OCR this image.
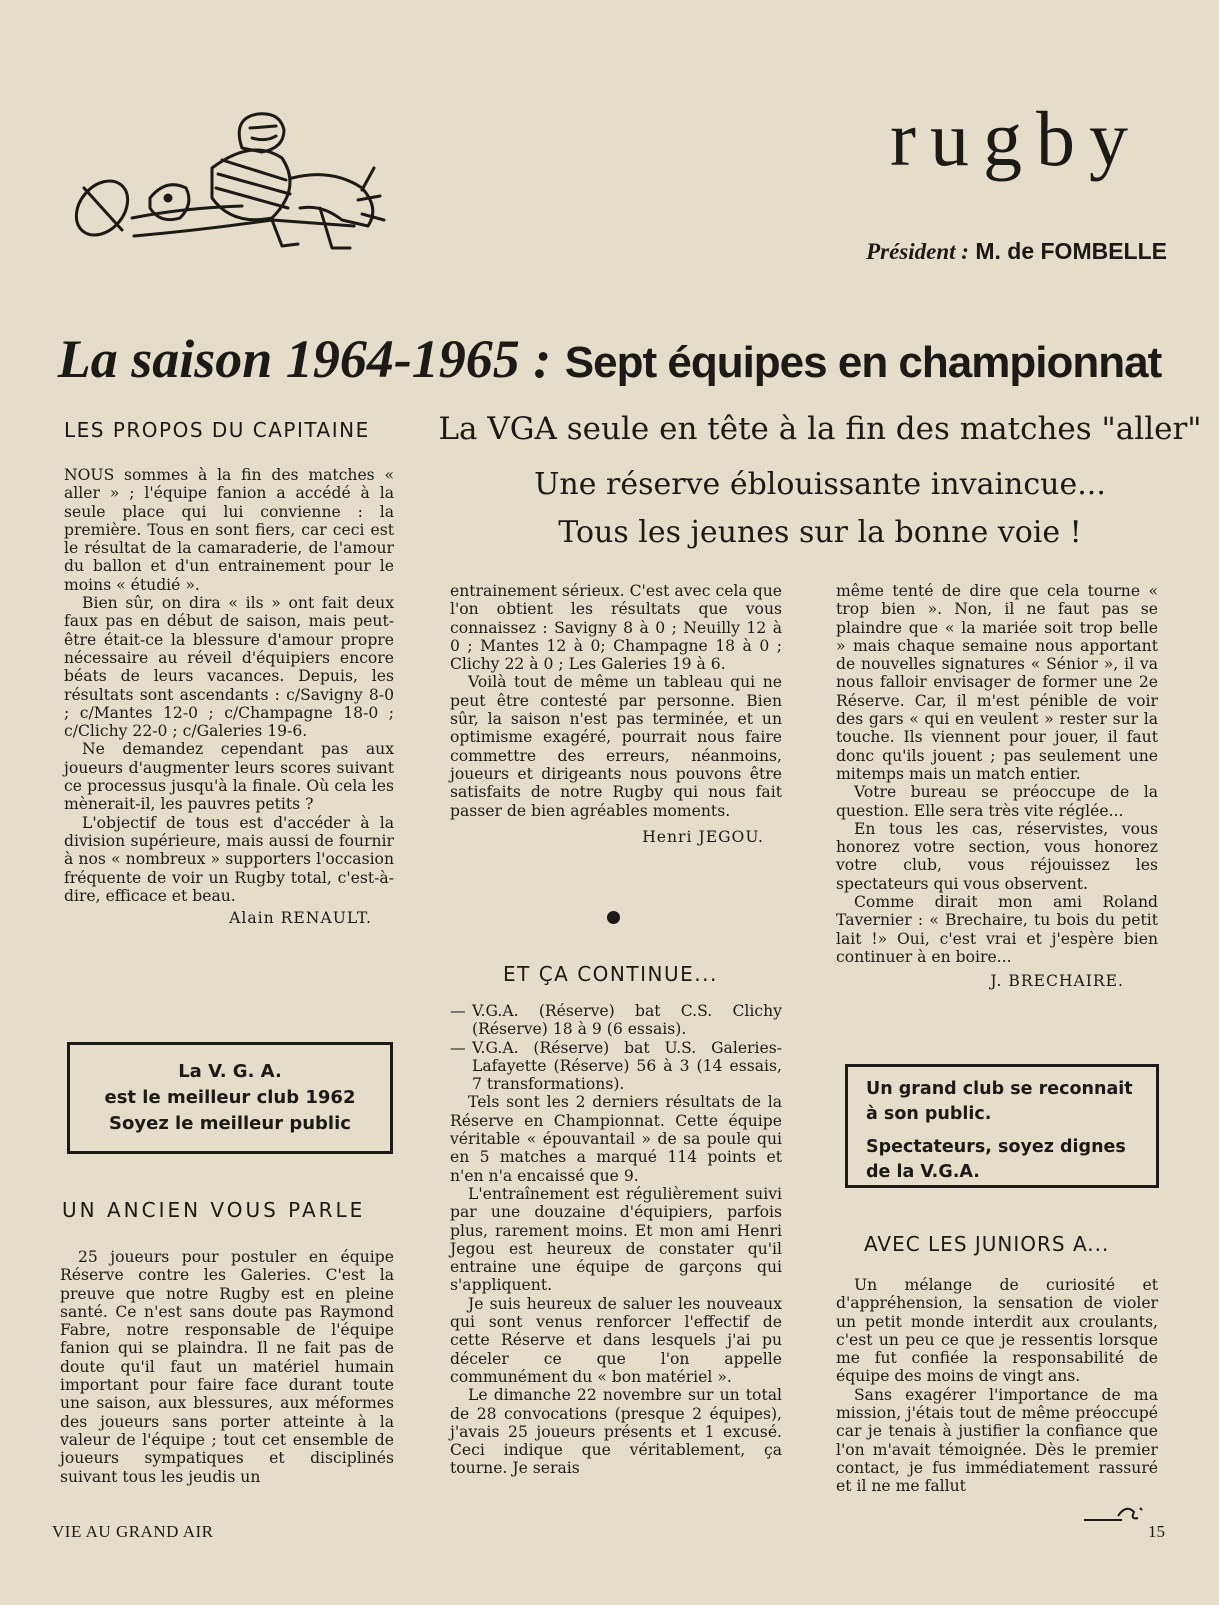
rugby
Président : M. de FOMBELLE
La saison 1964-1965 : Sept équipes en championnat
La VGA seule en tête à la fin des matches "aller"
Une réserve éblouissante invaincue...
Tous les jeunes sur la bonne voie !
LES PROPOS DU CAPITAINE

NOUS sommes à la fin des matches « aller » ; l'équipe fanion a accédé à la seule place qui lui convienne : la première. Tous en sont fiers, car ceci est le résultat de la camaraderie, de l'amour du ballon et d'un entrainement pour le moins « étudié ».

Bien sûr, on dira « ils » ont fait deux faux pas en début de saison, mais peut-être était-ce la blessure d'amour propre nécessaire au réveil d'équipiers encore béats de leurs vacances. Depuis, les résultats sont ascendants : c/Savigny 8-0 ; c/Mantes 12-0 ; c/Champagne 18-0 ; c/Clichy 22-0 ; c/Galeries 19-6.

Ne demandez cependant pas aux joueurs d'augmenter leurs scores suivant ce processus jusqu'à la finale. Où cela les mènerait-il, les pauvres petits ?

L'objectif de tous est d'accéder à la division supérieure, mais aussi de fournir à nos « nombreux » supporters l'occasion fréquente de voir un Rugby total, c'est-à-dire, efficace et beau.

Alain RENAULT.
La V. G. A.
est le meilleur club 1962
Soyez le meilleur public
UN ANCIEN VOUS PARLE

25 joueurs pour postuler en équipe Réserve contre les Galeries. C'est la preuve que notre Rugby est en pleine santé. Ce n'est sans doute pas Raymond Fabre, notre responsable de l'équipe fanion qui se plaindra. Il ne fait pas de doute qu'il faut un matériel humain important pour faire face durant toute une saison, aux blessures, aux méformes des joueurs sans porter atteinte à la valeur de l'équipe ; tout cet ensemble de joueurs sympatiques et disciplinés suivant tous les jeudis un

entrainement sérieux. C'est avec cela que l'on obtient les résultats que vous connaissez : Savigny 8 à 0 ; Neuilly 12 à 0 ; Mantes 12 à 0; Champagne 18 à 0 ; Clichy 22 à 0 ; Les Galeries 19 à 6.

Voilà tout de même un tableau qui ne peut être contesté par personne. Bien sûr, la saison n'est pas terminée, et un optimisme exagéré, pourrait nous faire commettre des erreurs, néanmoins, joueurs et dirigeants nous pouvons être satisfaits de notre Rugby qui nous fait passer de bien agréables moments.

Henri JEGOU.
ET ÇA CONTINUE...
— V.G.A. (Réserve) bat C.S. Clichy (Réserve) 18 à 9 (6 essais).
— V.G.A. (Réserve) bat U.S. Galeries-Lafayette (Réserve) 56 à 3 (14 essais, 7 transformations).

Tels sont les 2 derniers résultats de la Réserve en Championnat. Cette équipe véritable « épouvantail » de sa poule qui en 5 matches a marqué 114 points et n'en n'a encaissé que 9.

L'entraînement est régulièrement suivi par une douzaine d'équipiers, parfois plus, rarement moins. Et mon ami Henri Jegou est heureux de constater qu'il entraine une équipe de garçons qui s'appliquent.

Je suis heureux de saluer les nouveaux qui sont venus renforcer l'effectif de cette Réserve et dans lesquels j'ai pu déceler ce que l'on appelle communément du « bon matériel ».

Le dimanche 22 novembre sur un total de 28 convocations (presque 2 équipes), j'avais 25 joueurs présents et 1 excusé. Ceci indique que véritablement, ça tourne. Je serais

même tenté de dire que cela tourne « trop bien ». Non, il ne faut pas se plaindre que « la mariée soit trop belle » mais chaque semaine nous apportant de nouvelles signatures « Sénior », il va nous falloir envisager de former une 2e Réserve. Car, il m'est pénible de voir des gars « qui en veulent » rester sur la touche. Ils viennent pour jouer, il faut donc qu'ils jouent ; pas seulement une mitemps mais un match entier.

Votre bureau se préoccupe de la question. Elle sera très vite réglée...

En tous les cas, réservistes, vous honorez votre section, vous honorez votre club, vous réjouissez les spectateurs qui vous observent.

Comme dirait mon ami Roland Tavernier : « Brechaire, tu bois du petit lait !» Oui, c'est vrai et j'espère bien continuer à en boire...

J. BRECHAIRE.
Un grand club se reconnait
à son public.
Spectateurs, soyez dignes
de la V.G.A.
AVEC LES JUNIORS A...

Un mélange de curiosité et d'appréhension, la sensation de violer un petit monde interdit aux croulants, c'est un peu ce que je ressentis lorsque me fut confiée la responsabilité de équipe des moins de vingt ans.

Sans exagérer l'importance de ma mission, j'étais tout de même préoccupé car je tenais à justifier la confiance que l'on m'avait témoignée. Dès le premier contact, je fus immédiatement rassuré et il ne me fallut

VIE AU GRAND AIR	15
